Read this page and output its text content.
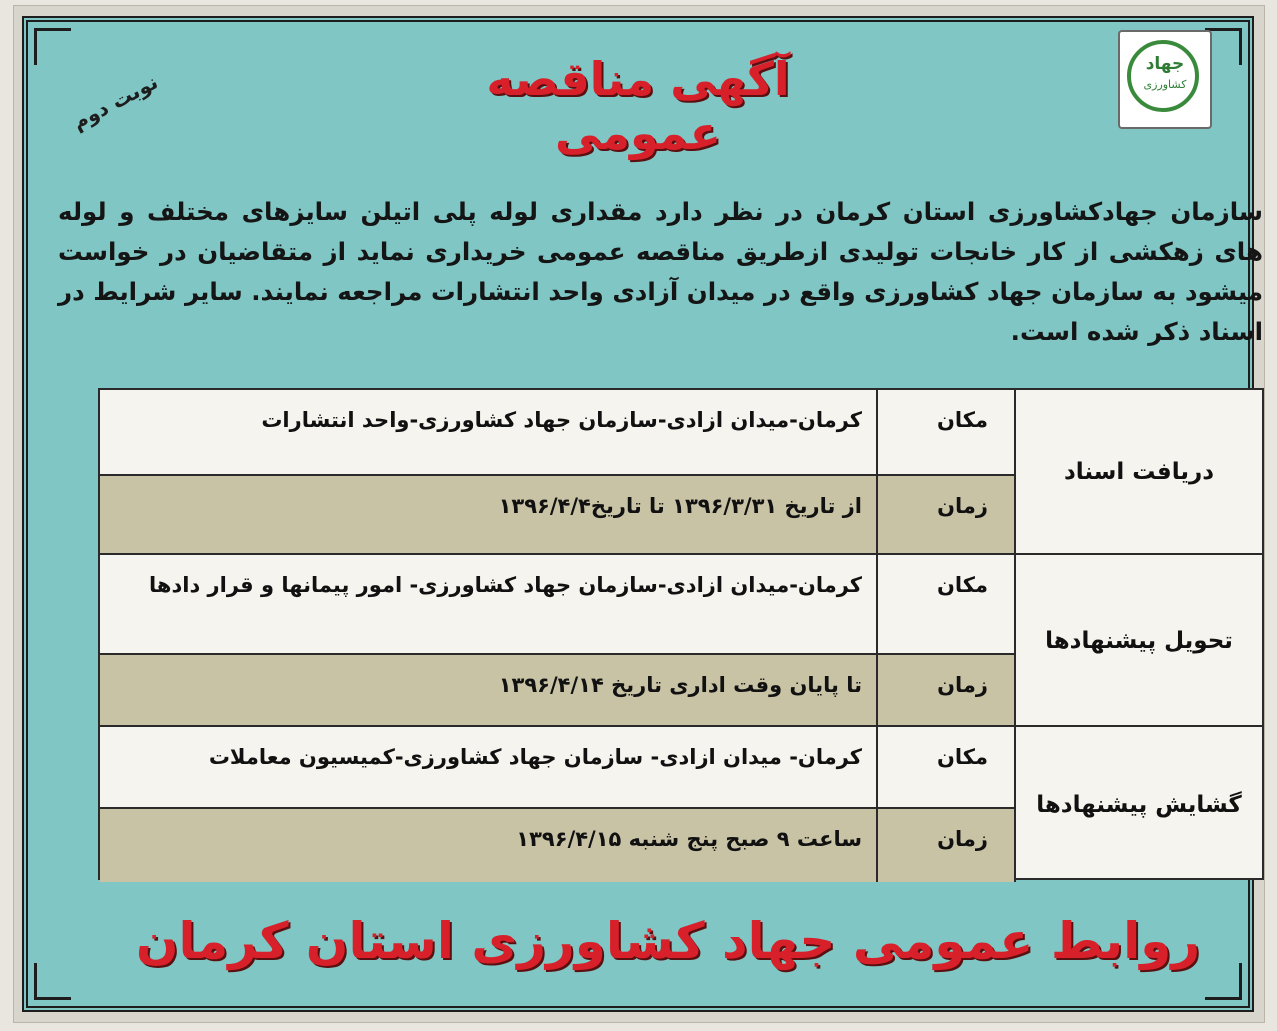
جهاد
کشاورزی
آگهی مناقصه عمومی
نوبت دوم
سازمان جهادکشاورزی استان کرمان در نظر دارد مقداری لوله پلی اتیلن سایزهای مختلف و لوله های زهکشی از کار خانجات تولیدی ازطریق مناقصه عمومی خریداری نماید از متقاضیان در خواست میشود به سازمان جهاد کشاورزی واقع در میدان آزادی واحد انتشارات مراجعه نمایند. سایر شرایط در اسناد ذکر شده است.
دریافت اسناد
مکان
کرمان-میدان ازادی-سازمان جهاد کشاورزی-واحد انتشارات
زمان
از تاریخ ۱۳۹۶/۳/۳۱ تا تاریخ۱۳۹۶/۴/۴
تحویل پیشنهادها
مکان
کرمان-میدان ازادی-سازمان جهاد کشاورزی- امور پیمانها و قرار دادها
زمان
تا پایان وقت اداری تاریخ ۱۳۹۶/۴/۱۴
گشایش پیشنهادها
مکان
کرمان- میدان ازادی- سازمان جهاد کشاورزی-کمیسیون معاملات
زمان
ساعت ۹ صبح پنج شنبه ۱۳۹۶/۴/۱۵
روابط عمومی جهاد کشاورزی استان کرمان
